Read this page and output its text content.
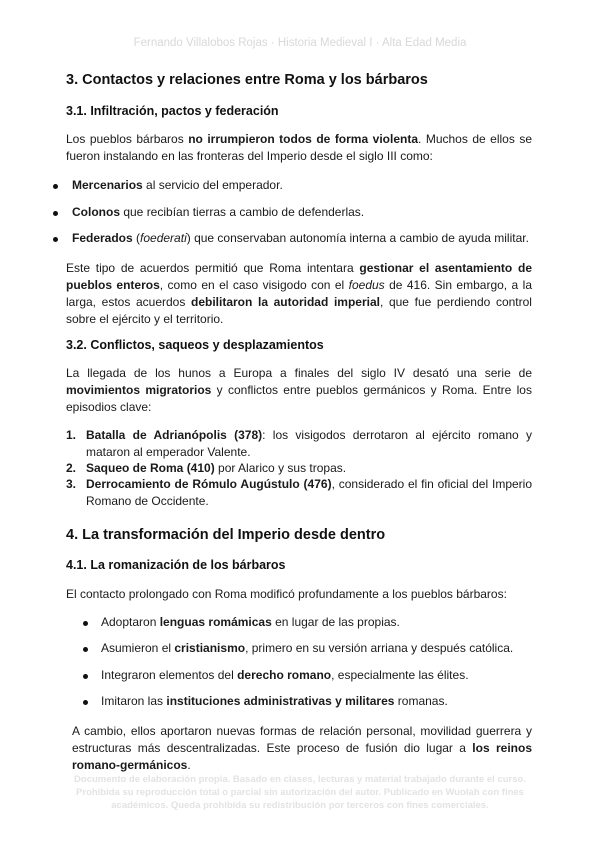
Fernando Villalobos Rojas · Historia Medieval I · Alta Edad Media
3. Contactos y relaciones entre Roma y los bárbaros
3.1. Infiltración, pactos y federación

Los pueblos bárbaros no irrumpieron todos de forma violenta. Muchos de ellos se fueron instalando en las fronteras del Imperio desde el siglo III como:

Mercenarios al servicio del emperador.

Colonos que recibían tierras a cambio de defenderlas.

Federados (foederati) que conservaban autonomía interna a cambio de ayuda militar.

Este tipo de acuerdos permitió que Roma intentara gestionar el asentamiento de pueblos enteros, como en el caso visigodo con el foedus de 416. Sin embargo, a la larga, estos acuerdos debilitaron la autoridad imperial, que fue perdiendo control sobre el ejército y el territorio.

3.2. Conflictos, saqueos y desplazamientos

La llegada de los hunos a Europa a finales del siglo IV desató una serie de movimientos migratorios y conflictos entre pueblos germánicos y Roma. Entre los episodios clave:

1. Batalla de Adrianópolis (378): los visigodos derrotaron al ejército romano y mataron al emperador Valente.

2. Saqueo de Roma (410) por Alarico y sus tropas.

3. Derrocamiento de Rómulo Augústulo (476), considerado el fin oficial del Imperio Romano de Occidente.

4. La transformación del Imperio desde dentro
4.1. La romanización de los bárbaros

El contacto prolongado con Roma modificó profundamente a los pueblos bárbaros:

Adoptaron lenguas romámicas en lugar de las propias.

Asumieron el cristianismo, primero en su versión arriana y después católica.

Integraron elementos del derecho romano, especialmente las élites.

Imitaron las instituciones administrativas y militares romanas.

A cambio, ellos aportaron nuevas formas de relación personal, movilidad guerrera y estructuras más descentralizadas. Este proceso de fusión dio lugar a los reinos romano-germánicos.

Documento de elaboración propia. Basado en clases, lecturas y material trabajado durante el curso. Prohibida su reproducción total o parcial sin autorización del autor. Publicado en Wuolah con fines académicos. Queda prohibida su redistribución por terceros con fines comerciales.
